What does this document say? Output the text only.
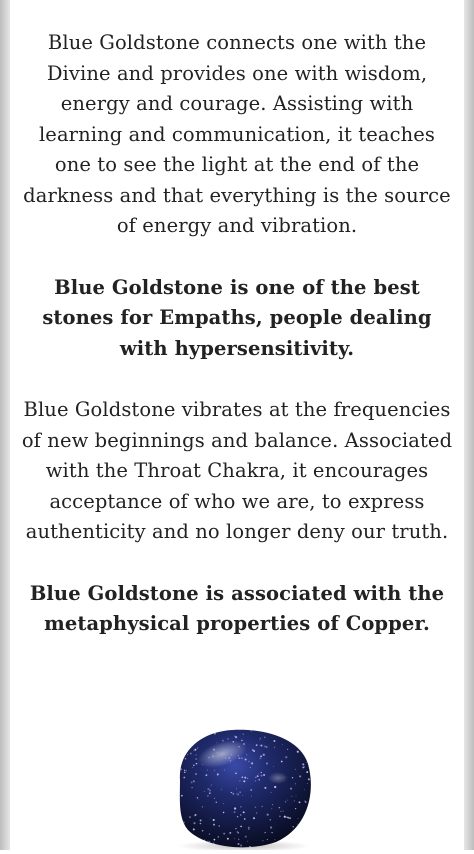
Blue Goldstone connects one with the Divine and provides one with wisdom, energy and courage. Assisting with learning and communication, it teaches one to see the light at the end of the darkness and that everything is the source of energy and vibration.

Blue Goldstone is one of the best stones for Empaths, people dealing with hypersensitivity.

Blue Goldstone vibrates at the frequencies of new beginnings and balance. Associated with the Throat Chakra, it encourages acceptance of who we are, to express authenticity and no longer deny our truth.

Blue Goldstone is associated with the metaphysical properties of Copper.
